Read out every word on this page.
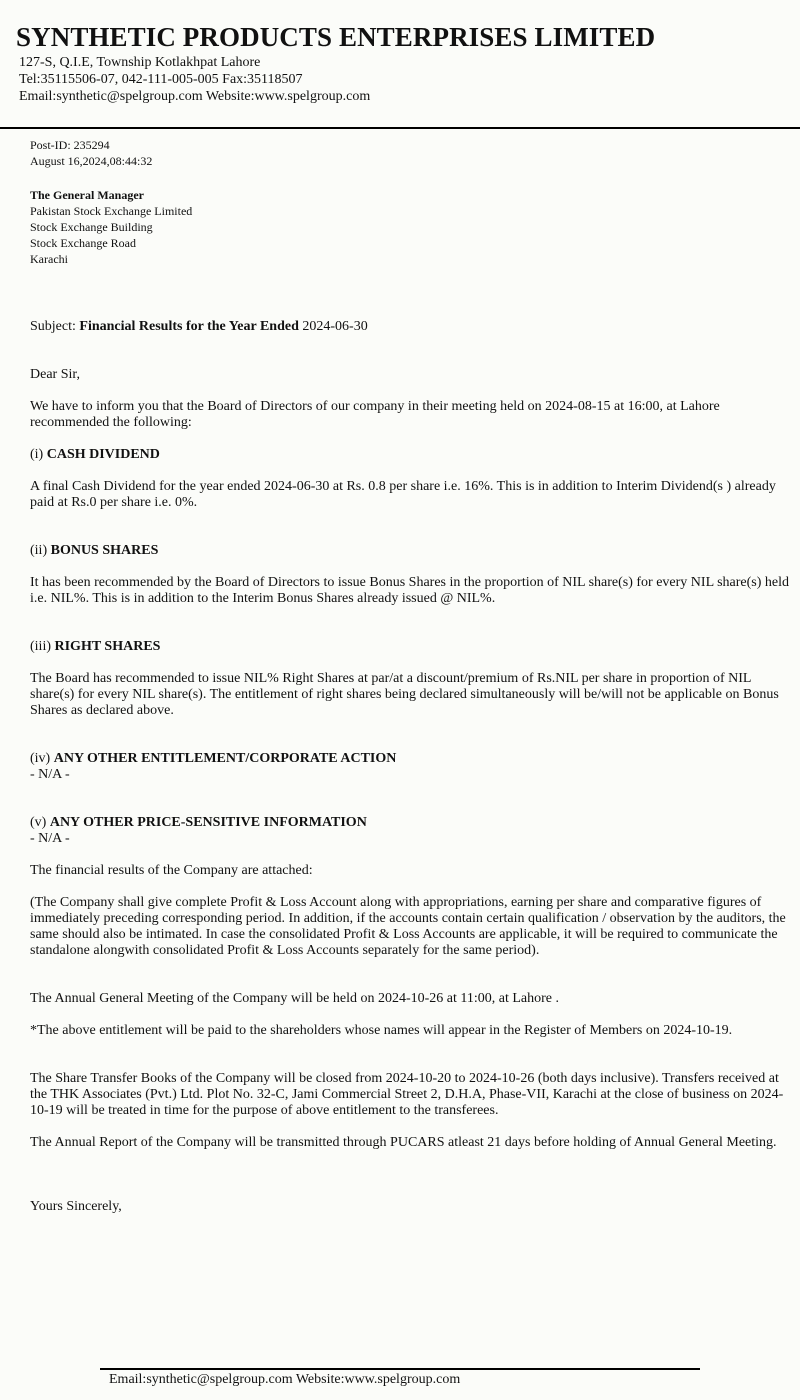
SYNTHETIC PRODUCTS ENTERPRISES LIMITED
127-S, Q.I.E, Township Kotlakhpat Lahore
Tel:35115506-07, 042-111-005-005 Fax:35118507
Email:synthetic@spelgroup.com Website:www.spelgroup.com
Post-ID: 235294
August 16,2024,08:44:32
The General Manager
Pakistan Stock Exchange Limited
Stock Exchange Building
Stock Exchange Road
Karachi
Subject: Financial Results for the Year Ended 2024-06-30
Dear Sir,
We have to inform you that the Board of Directors of our company in their meeting held on 2024-08-15 at 16:00, at Lahore recommended the following:
(i) CASH DIVIDEND
A final Cash Dividend for the year ended 2024-06-30 at Rs. 0.8 per share i.e. 16%. This is in addition to Interim Dividend(s ) already paid at Rs.0 per share i.e. 0%.
(ii) BONUS SHARES
It has been recommended by the Board of Directors to issue Bonus Shares in the proportion of NIL share(s) for every NIL share(s) held i.e. NIL%. This is in addition to the Interim Bonus Shares already issued @ NIL%.
(iii) RIGHT SHARES
The Board has recommended to issue NIL% Right Shares at par/at a discount/premium of Rs.NIL per share in proportion of NIL share(s) for every NIL share(s). The entitlement of right shares being declared simultaneously will be/will not be applicable on Bonus Shares as declared above.
(iv) ANY OTHER ENTITLEMENT/CORPORATE ACTION
- N/A -
(v) ANY OTHER PRICE-SENSITIVE INFORMATION
- N/A -
The financial results of the Company are attached:
(The Company shall give complete Profit & Loss Account along with appropriations, earning per share and comparative figures of immediately preceding corresponding period. In addition, if the accounts contain certain qualification / observation by the auditors, the same should also be intimated. In case the consolidated Profit & Loss Accounts are applicable, it will be required to communicate the standalone alongwith consolidated Profit & Loss Accounts separately for the same period).
The Annual General Meeting of the Company will be held on 2024-10-26 at 11:00, at Lahore .
*The above entitlement will be paid to the shareholders whose names will appear in the Register of Members on 2024-10-19.
The Share Transfer Books of the Company will be closed from 2024-10-20 to 2024-10-26 (both days inclusive). Transfers received at the THK Associates (Pvt.) Ltd. Plot No. 32-C, Jami Commercial Street 2, D.H.A, Phase-VII, Karachi at the close of business on 2024-10-19 will be treated in time for the purpose of above entitlement to the transferees.
The Annual Report of the Company will be transmitted through PUCARS atleast 21 days before holding of Annual General Meeting.
Yours Sincerely,
Email:synthetic@spelgroup.com Website:www.spelgroup.com
